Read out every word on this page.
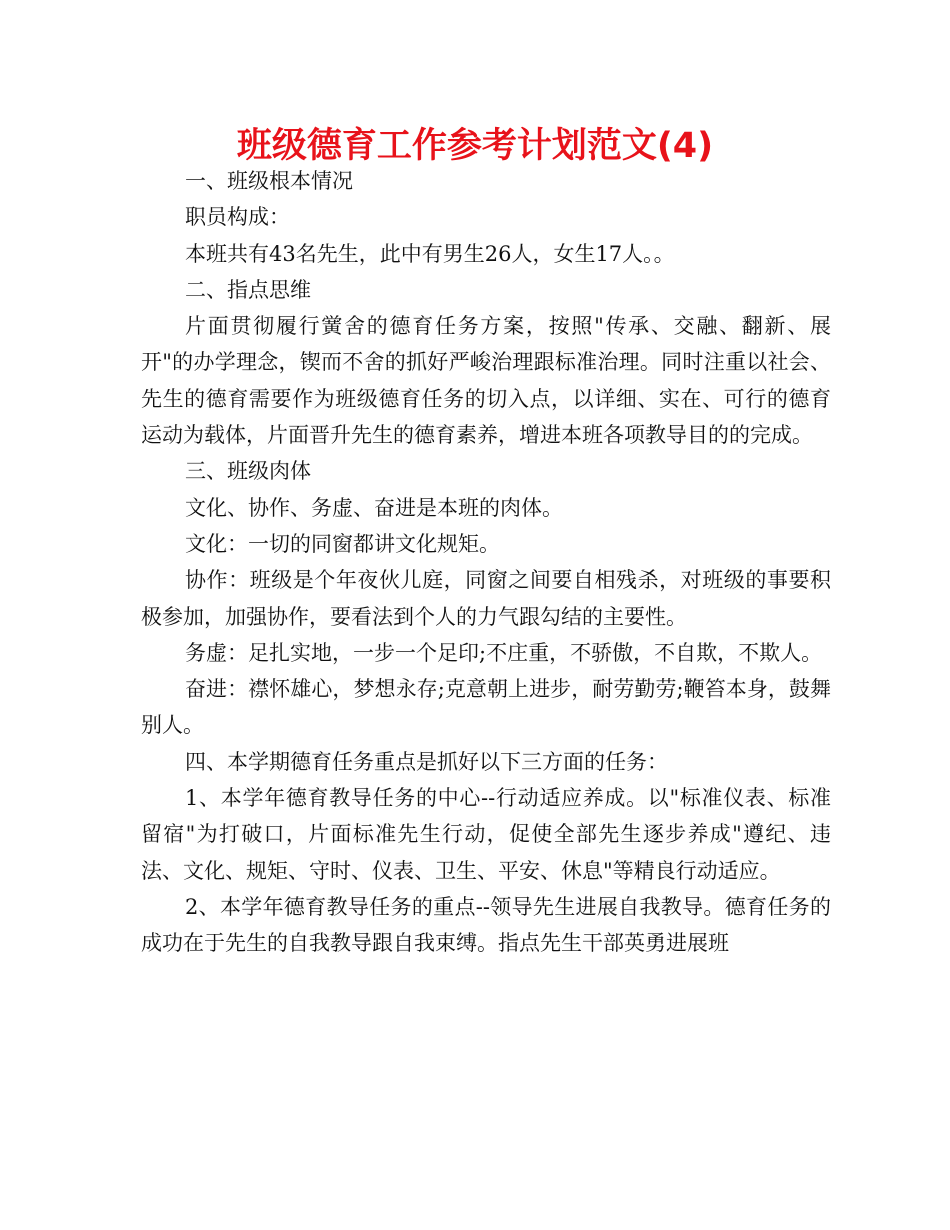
班级德育工作参考计划范文(4)

一、班级根本情况

职员构成：

本班共有43名先生，此中有男生26人，女生17人。。

二、指点思维

片面贯彻履行黉舍的德育任务方案，按照"传承、交融、翻新、展开"的办学理念，锲而不舍的抓好严峻治理跟标准治理。同时注重以社会、先生的德育需要作为班级德育任务的切入点，以详细、实在、可行的德育运动为载体，片面晋升先生的德育素养，增进本班各项教导目的的完成。

三、班级肉体

文化、协作、务虚、奋进是本班的肉体。

文化：一切的同窗都讲文化规矩。

协作：班级是个年夜伙儿庭，同窗之间要自相残杀，对班级的事要积极参加，加强协作，要看法到个人的力气跟勾结的主要性。

务虚：足扎实地，一步一个足印;不庄重，不骄傲，不自欺，不欺人。

奋进：襟怀雄心，梦想永存;克意朝上进步，耐劳勤劳;鞭笞本身，鼓舞别人。

四、本学期德育任务重点是抓好以下三方面的任务：

1、本学年德育教导任务的中心--行动适应养成。以"标准仪表、标准留宿"为打破口，片面标准先生行动，促使全部先生逐步养成"遵纪、违法、文化、规矩、守时、仪表、卫生、平安、休息"等精良行动适应。

2、本学年德育教导任务的重点--领导先生进展自我教导。德育任务的成功在于先生的自我教导跟自我束缚。指点先生干部英勇进展班
